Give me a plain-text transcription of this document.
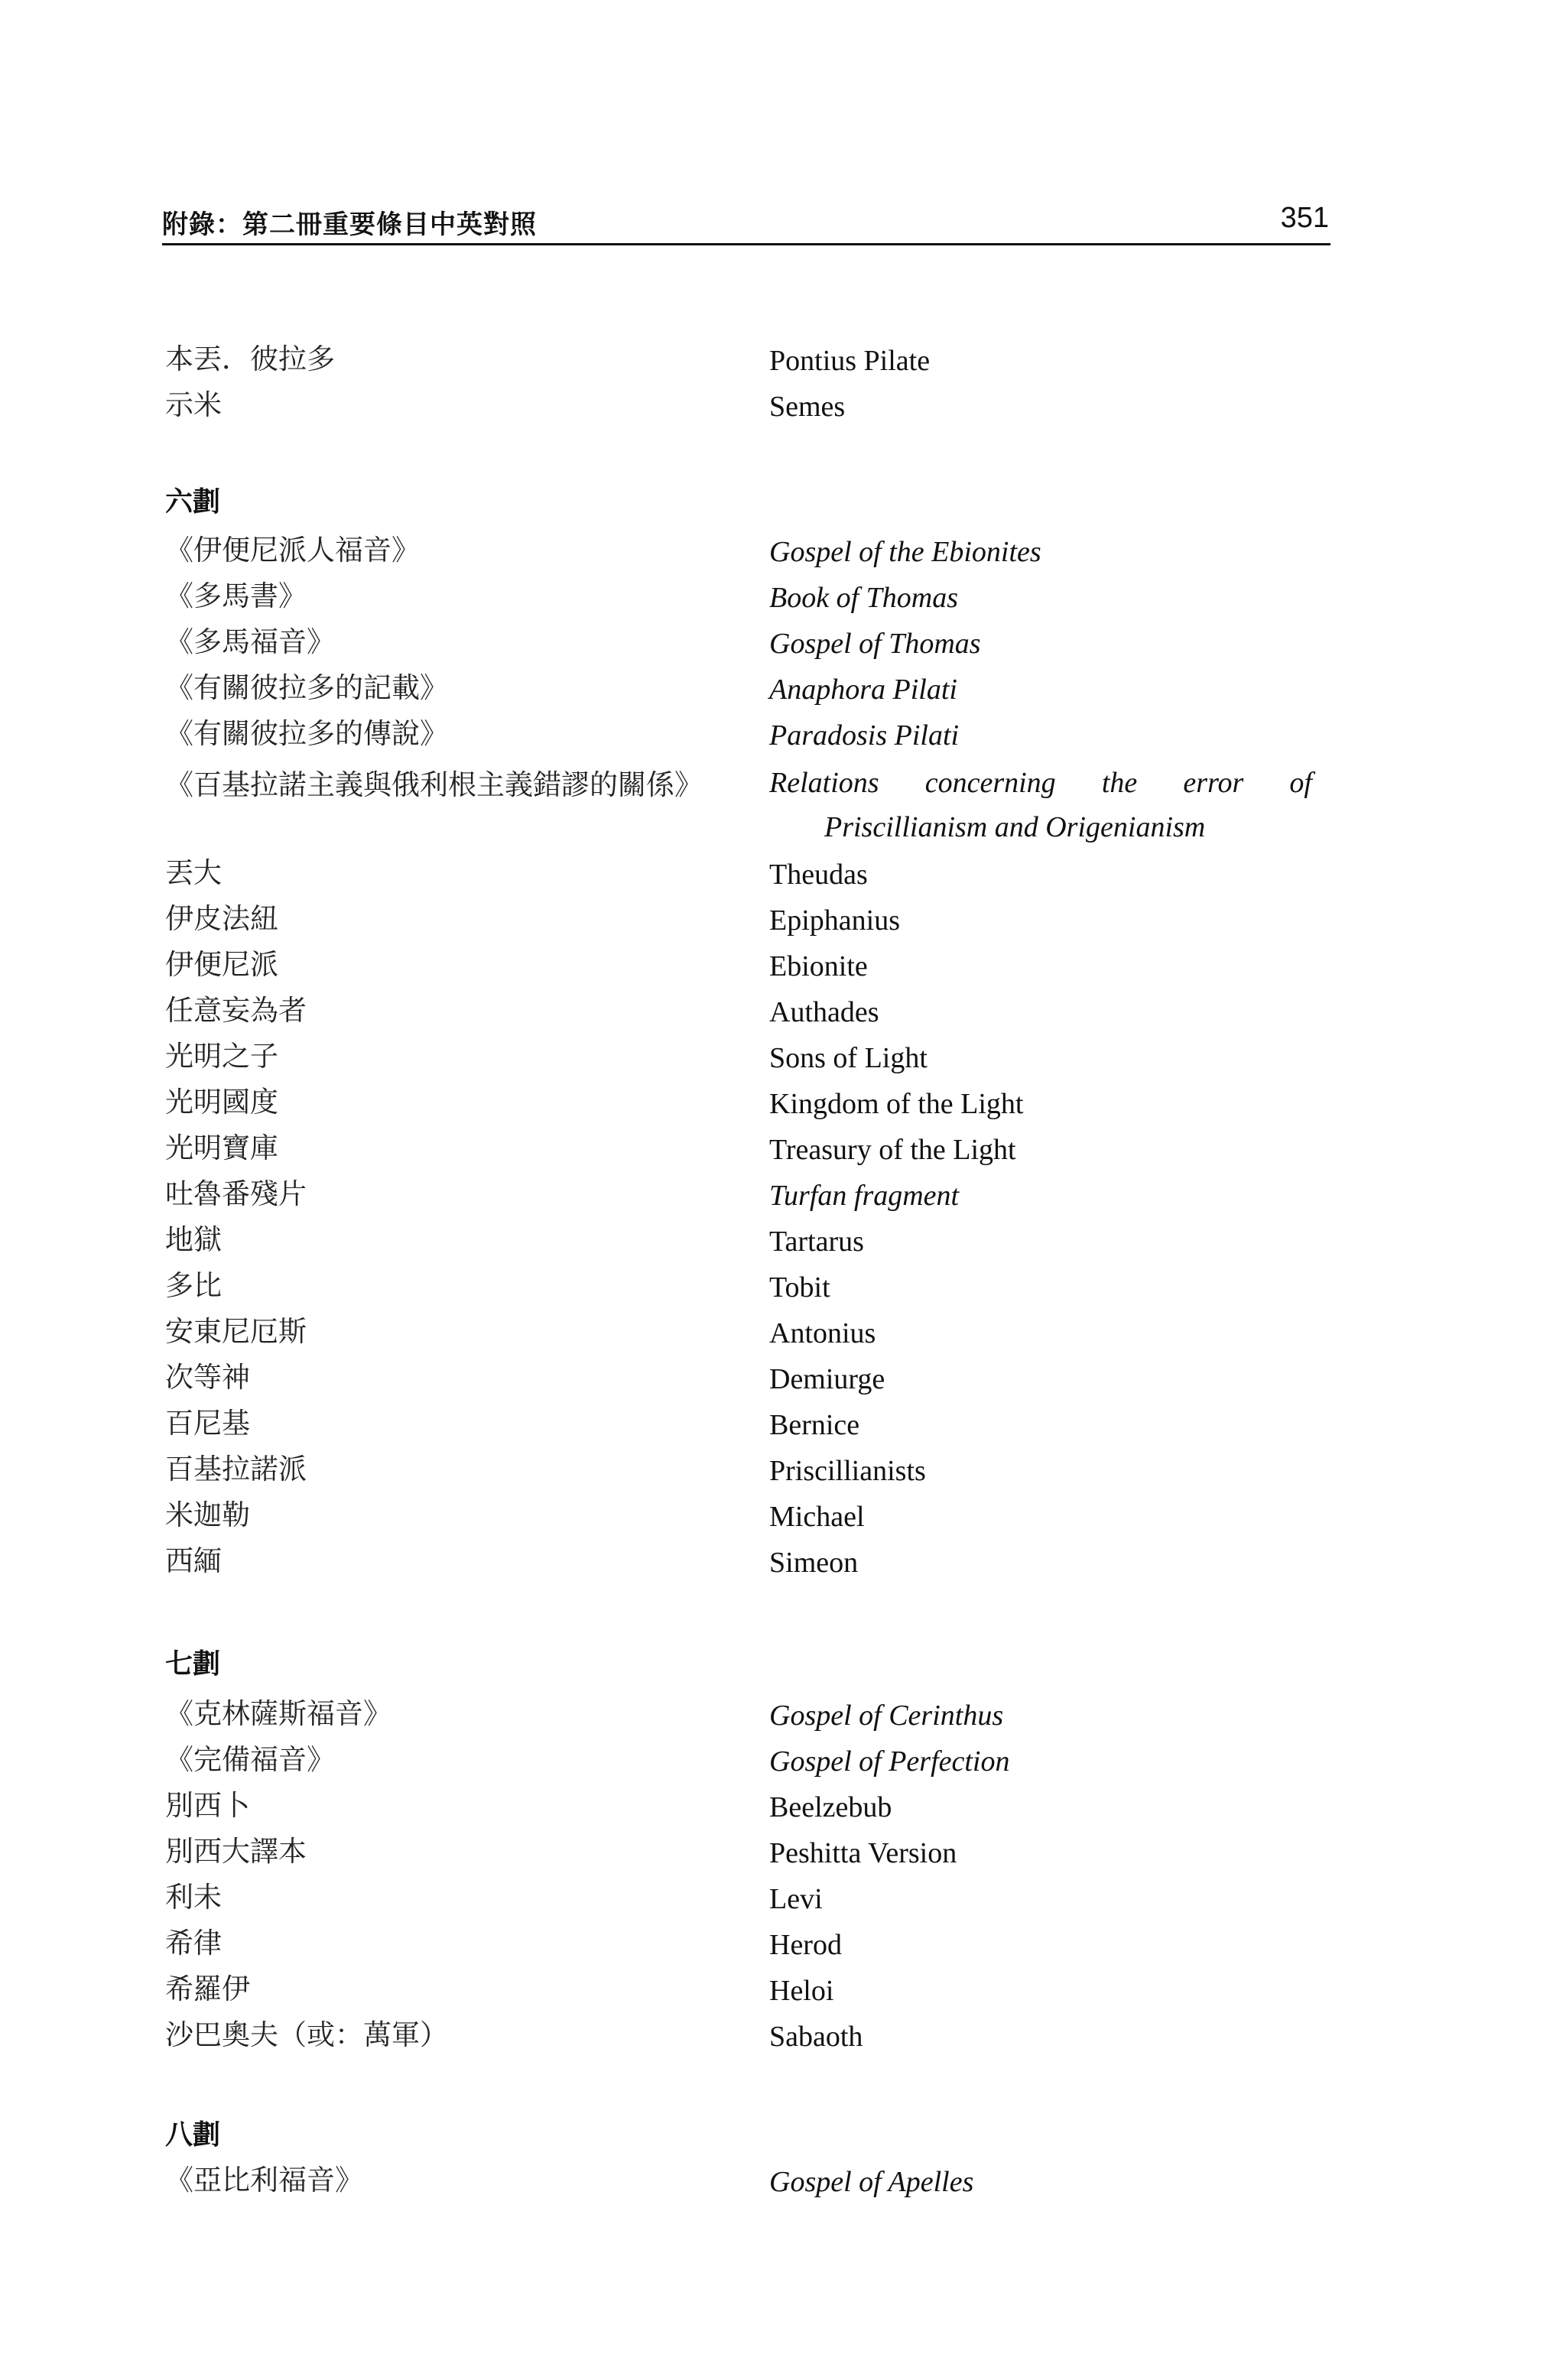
附錄：第二冊重要條目中英對照	351
本丟．彼拉多	Pontius Pilate
示米	Semes
六劃
《伊便尼派人福音》	Gospel of the Ebionites
《多馬書》	Book of Thomas
《多馬福音》	Gospel of Thomas
《有關彼拉多的記載》	Anaphora Pilati
《有關彼拉多的傳說》	Paradosis Pilati
《百基拉諾主義與俄利根主義錯謬的關係》	Relations concerning the error of
Priscillianism and Origenianism
丟大	Theudas
伊皮法紐	Epiphanius
伊便尼派	Ebionite
任意妄為者	Authades
光明之子	Sons of Light
光明國度	Kingdom of the Light
光明寶庫	Treasury of the Light
吐魯番殘片	Turfan fragment
地獄	Tartarus
多比	Tobit
安東尼厄斯	Antonius
次等神	Demiurge
百尼基	Bernice
百基拉諾派	Priscillianists
米迦勒	Michael
西緬	Simeon
七劃
《克林薩斯福音》	Gospel of Cerinthus
《完備福音》	Gospel of Perfection
別西卜	Beelzebub
別西大譯本	Peshitta Version
利未	Levi
希律	Herod
希羅伊	Heloi
沙巴奧夫（或：萬軍）	Sabaoth
八劃
《亞比利福音》	Gospel of Apelles
